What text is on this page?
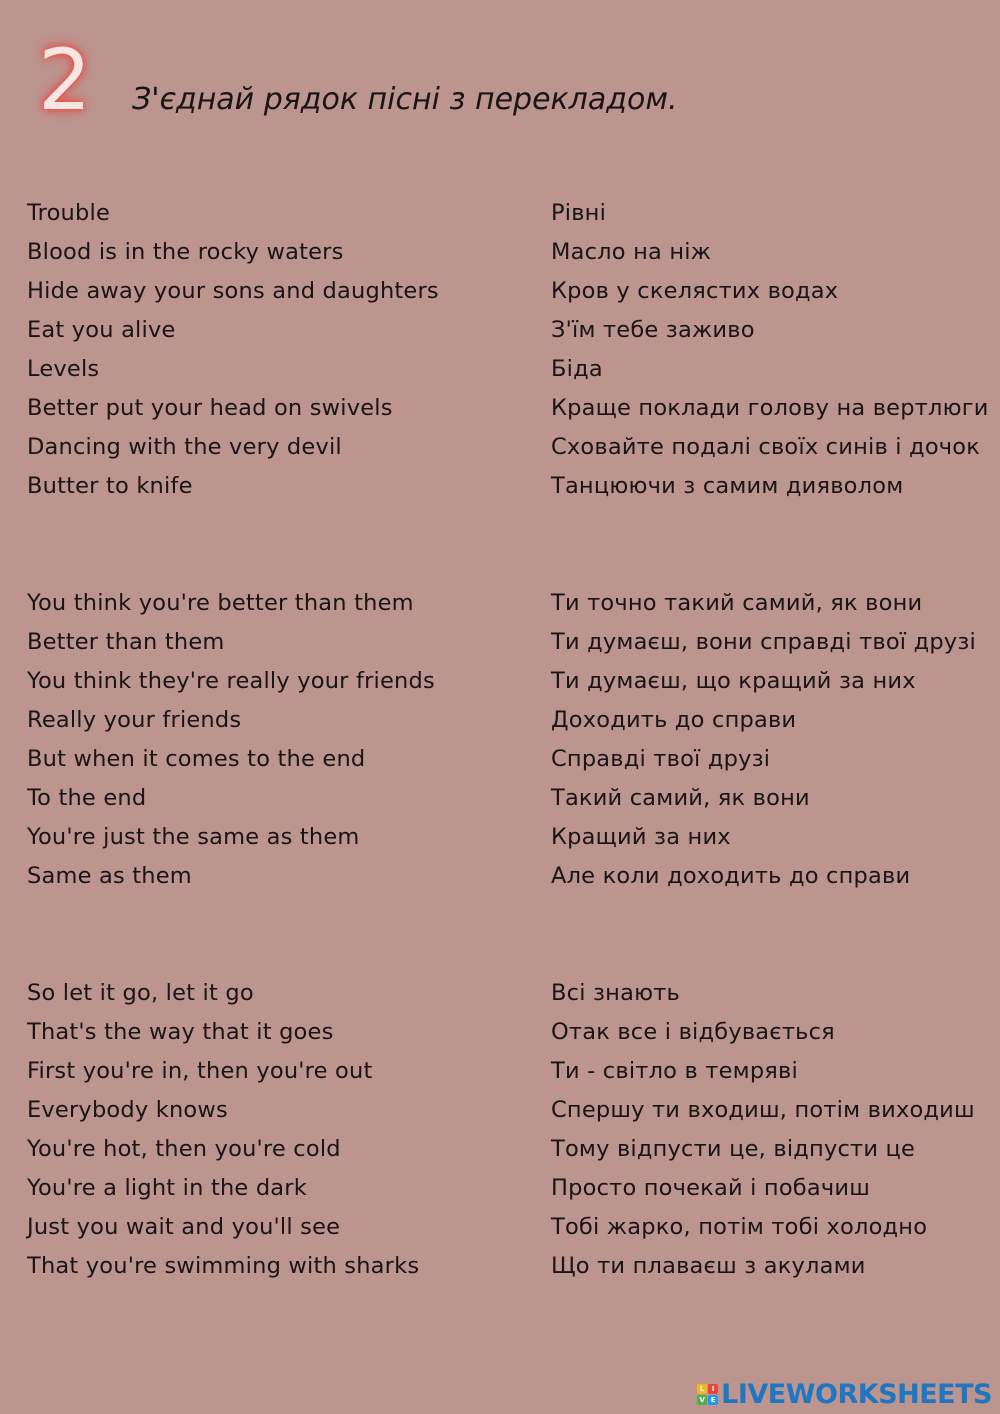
2 З'єднай рядок пісні з перекладом.
Trouble
Blood is in the rocky waters
Hide away your sons and daughters
Eat you alive
Levels
Better put your head on swivels
Dancing with the very devil
Butter to knife
Рівні
Масло на ніж
Кров у скелястих водах
З'їм тебе заживо
Біда
Краще поклади голову на вертлюги
Сховайте подалі своїх синів і дочок
Танцюючи з самим дияволом
You think you're better than them
Better than them
You think they're really your friends
Really your friends
But when it comes to the end
To the end
You're just the same as them
Same as them
Ти точно такий самий, як вони
Ти думаєш, вони справді твої друзі
Ти думаєш, що кращий за них
Доходить до справи
Справді твої друзі
Такий самий, як вони
Кращий за них
Але коли доходить до справи
So let it go, let it go
That's the way that it goes
First you're in, then you're out
Everybody knows
You're hot, then you're cold
You're a light in the dark
Just you wait and you'll see
That you're swimming with sharks
Всі знають
Отак все і відбувається
Ти - світло в темряві
Спершу ти входиш, потім виходиш
Тому відпусти це, відпусти це
Просто почекай і побачиш
Тобі жарко, потім тобі холодно
Що ти плаваєш з акулами
L	I
V E LIVEWORKSHEETS
